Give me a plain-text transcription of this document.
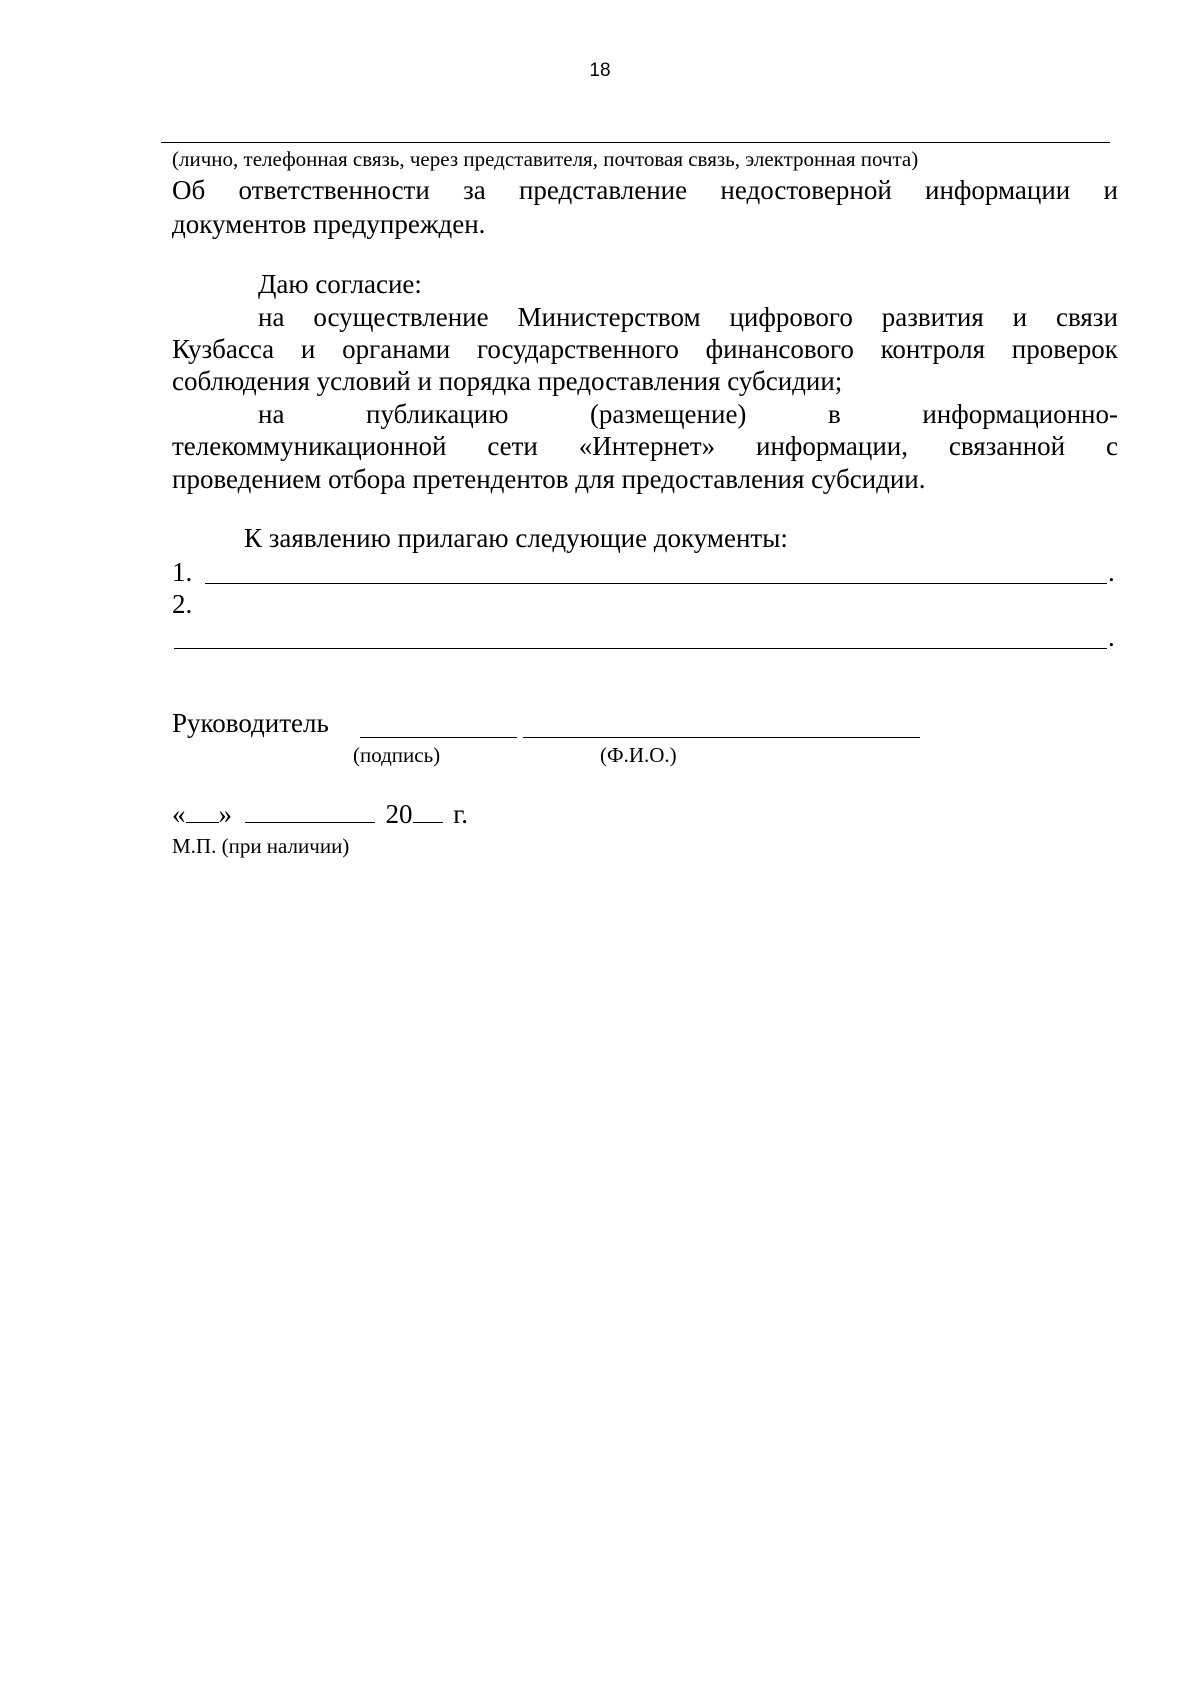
18
(лично, телефонная связь, через представителя, почтовая связь, электронная почта)
Об ответственности за представление недостоверной информации и
документов предупрежден.
Даю согласие:
на осуществление Министерством цифрового развития и связи
Кузбасса и органами государственного финансового контроля проверок
соблюдения условий и порядка предоставления субсидии;
на	публикацию	(размещение)	в	информационно-
телекоммуникационной сети «Интернет» информации, связанной с
проведением отбора претендентов для предоставления субсидии.
К заявлению прилагаю следующие документы:
1.	.
2.
.
Руководитель
(подпись)	(Ф.И.О.)
« »	20 г.
М.П. (при наличии)
